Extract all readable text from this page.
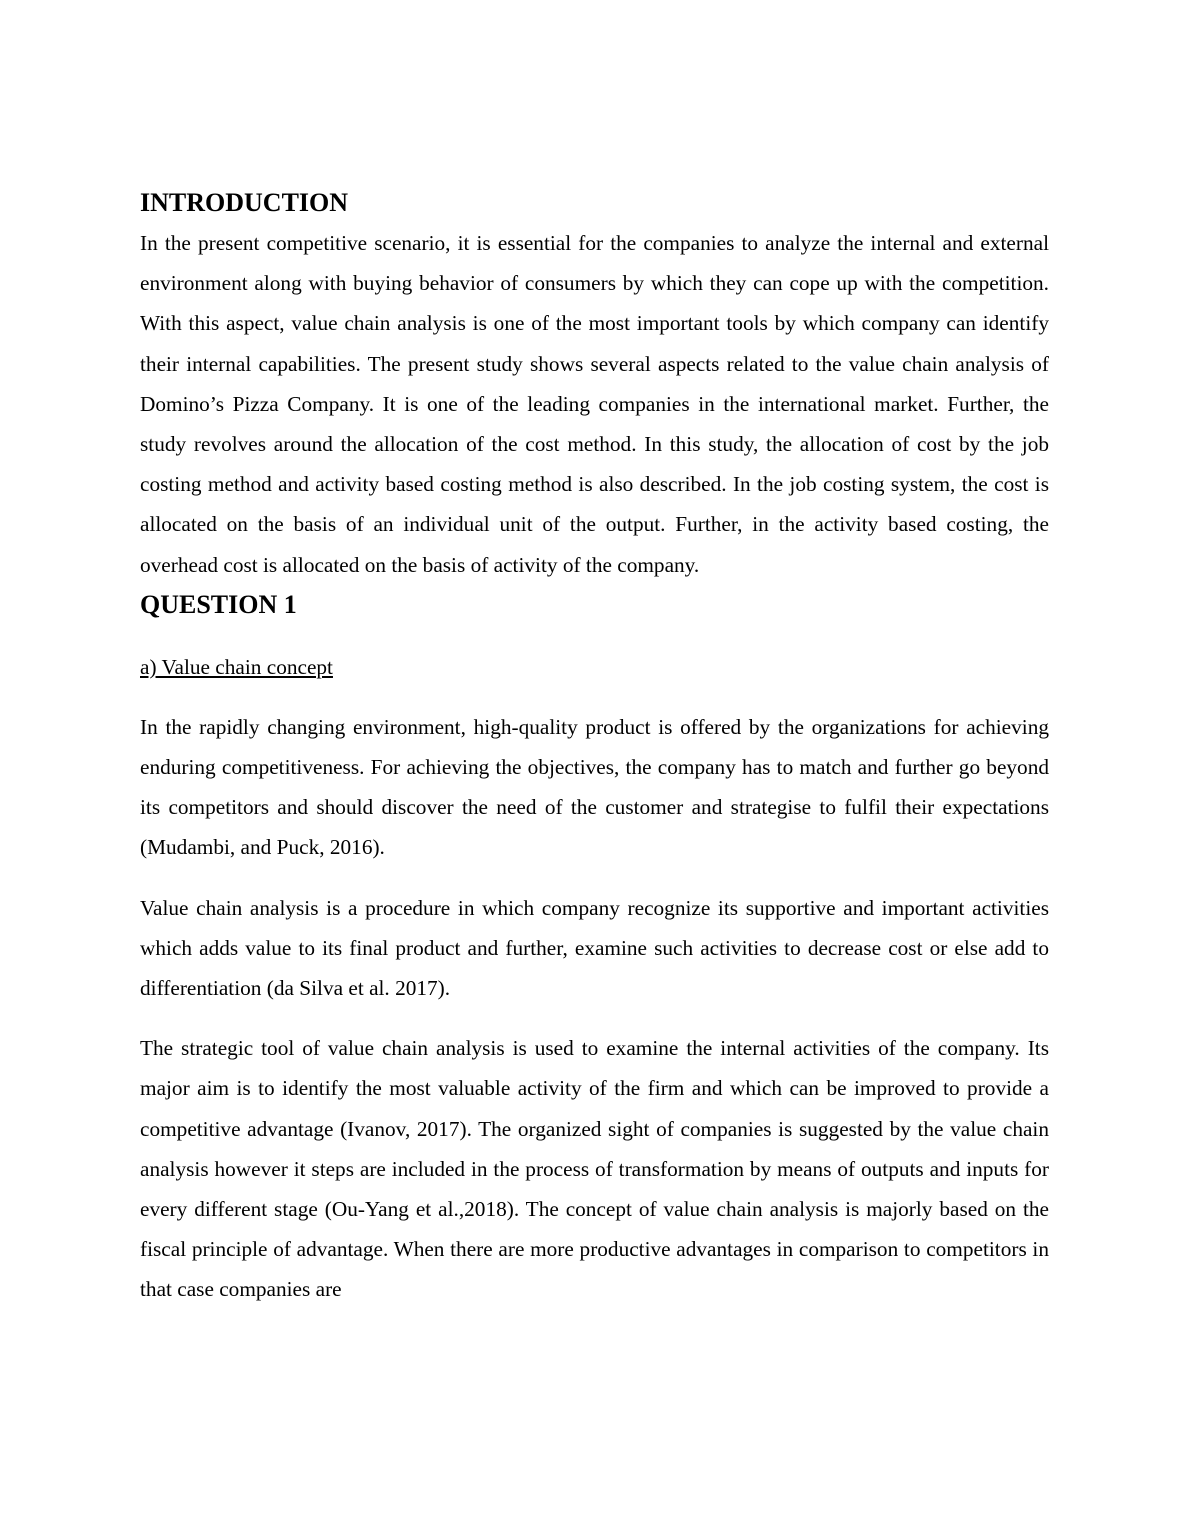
INTRODUCTION

In the present competitive scenario, it is essential for the companies to analyze the internal and external environment along with buying behavior of consumers by which they can cope up with the competition. With this aspect, value chain analysis is one of the most important tools by which company can identify their internal capabilities. The present study shows several aspects related to the value chain analysis of Domino’s Pizza Company. It is one of the leading companies in the international market. Further, the study revolves around the allocation of the cost method. In this study, the allocation of cost by the job costing method and activity based costing method is also described. In the job costing system, the cost is allocated on the basis of an individual unit of the output. Further, in the activity based costing, the overhead cost is allocated on the basis of activity of the company.

QUESTION 1

a) Value chain concept

In the rapidly changing environment, high-quality product is offered by the organizations for achieving enduring competitiveness. For achieving the objectives, the company has to match and further go beyond its competitors and should discover the need of the customer and strategise to fulfil their expectations (Mudambi, and Puck, 2016).

Value chain analysis is a procedure in which company recognize its supportive and important activities which adds value to its final product and further, examine such activities to decrease cost or else add to differentiation (da Silva et al. 2017).

The strategic tool of value chain analysis is used to examine the internal activities of the company. Its major aim is to identify the most valuable activity of the firm and which can be improved to provide a competitive advantage (Ivanov, 2017). The organized sight of companies is suggested by the value chain analysis however it steps are included in the process of transformation by means of outputs and inputs for every different stage (Ou-Yang et al.,2018). The concept of value chain analysis is majorly based on the fiscal principle of advantage. When there are more productive advantages in comparison to competitors in that case companies are
